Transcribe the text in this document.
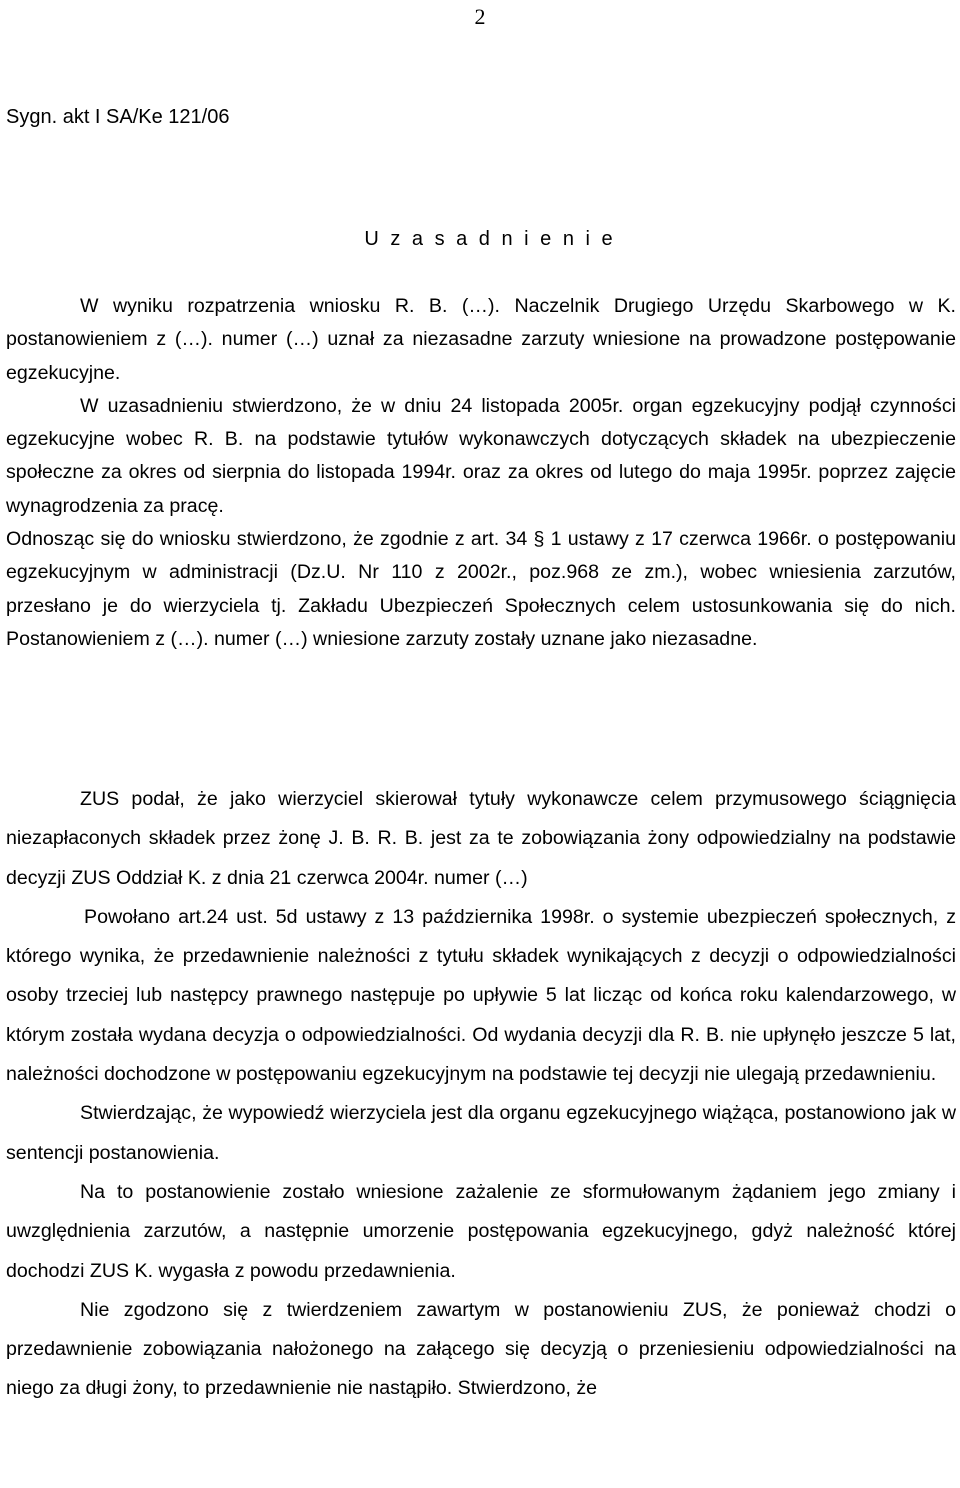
2
Sygn. akt I SA/Ke 121/06
U z a s a d n i e n i e

W wyniku rozpatrzenia wniosku R. B. (…). Naczelnik Drugiego Urzędu Skarbowego w K. postanowieniem z (…). numer (…) uznał za niezasadne zarzuty wniesione na prowadzone postępowanie egzekucyjne.

W uzasadnieniu stwierdzono, że w dniu 24 listopada 2005r. organ egzekucyjny podjął czynności egzekucyjne wobec R. B. na podstawie tytułów wykonawczych dotyczących składek na ubezpieczenie społeczne za okres od sierpnia do listopada 1994r. oraz za okres od lutego do maja 1995r. poprzez zajęcie wynagrodzenia za pracę.

Odnosząc się do wniosku stwierdzono, że zgodnie z art. 34 § 1 ustawy z 17 czerwca 1966r. o postępowaniu egzekucyjnym w administracji (Dz.U. Nr 110 z 2002r., poz.968 ze zm.), wobec wniesienia zarzutów, przesłano je do wierzyciela tj. Zakładu Ubezpieczeń Społecznych celem ustosunkowania się do nich. Postanowieniem z (…). numer (…) wniesione zarzuty zostały uznane jako niezasadne.

ZUS podał, że jako wierzyciel skierował tytuły wykonawcze celem przymusowego ściągnięcia niezapłaconych składek przez żonę J. B. R. B. jest za te zobowiązania żony odpowiedzialny na podstawie decyzji ZUS Oddział K. z dnia 21 czerwca 2004r. numer (…)

Powołano art.24 ust. 5d ustawy z 13 października 1998r. o systemie ubezpieczeń społecznych, z którego wynika, że przedawnienie należności z tytułu składek wynikających z decyzji o odpowiedzialności osoby trzeciej lub następcy prawnego następuje po upływie 5 lat licząc od końca roku kalendarzowego, w którym została wydana decyzja o odpowiedzialności. Od wydania decyzji dla R. B. nie upłynęło jeszcze 5 lat, należności dochodzone w postępowaniu egzekucyjnym na podstawie tej decyzji nie ulegają przedawnieniu.

Stwierdzając, że wypowiedź wierzyciela jest dla organu egzekucyjnego wiążąca, postanowiono jak w sentencji postanowienia.

Na to postanowienie zostało wniesione zażalenie ze sformułowanym żądaniem jego zmiany i uwzględnienia zarzutów, a następnie umorzenie postępowania egzekucyjnego, gdyż należność której dochodzi ZUS K. wygasła z powodu przedawnienia.

Nie zgodzono się z twierdzeniem zawartym w postanowieniu ZUS, że ponieważ chodzi o przedawnienie zobowiązania nałożonego na załącego się decyzją o przeniesieniu odpowiedzialności na niego za długi żony, to przedawnienie nie nastąpiło. Stwierdzono, że
